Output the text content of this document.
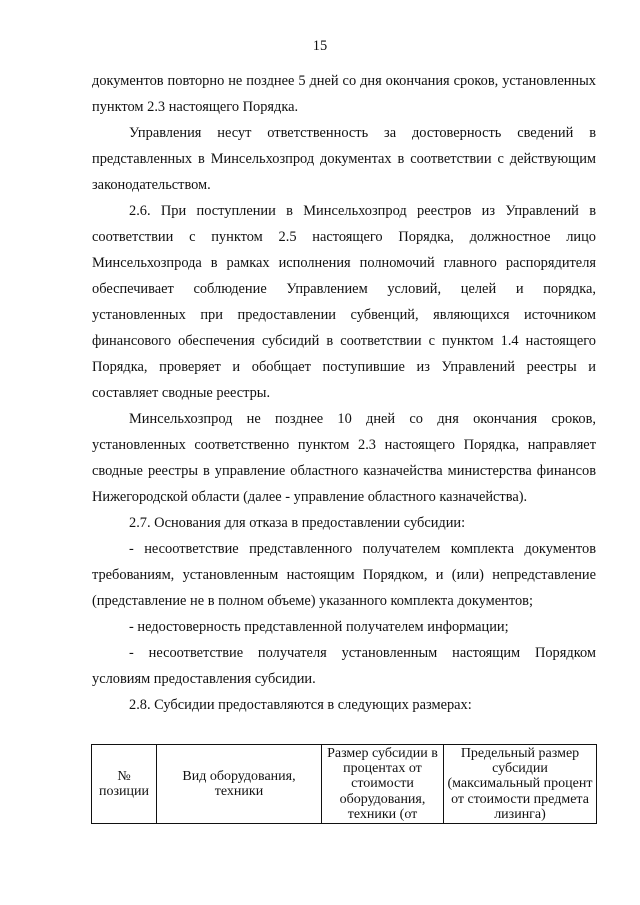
15

документов повторно не позднее 5 дней со дня окончания сроков, установленных пунктом 2.3 настоящего Порядка.

Управления несут ответственность за достоверность сведений в представленных в Минсельхозпрод документах в соответствии с действующим законодательством.

2.6. При поступлении в Минсельхозпрод реестров из Управлений в соответствии с пунктом 2.5 настоящего Порядка, должностное лицо Минсельхозпрода в рамках исполнения полномочий главного распорядителя обеспечивает соблюдение Управлением условий, целей и порядка, установленных при предоставлении субвенций, являющихся источником финансового обеспечения субсидий в соответствии с пунктом 1.4 настоящего Порядка, проверяет и обобщает поступившие из Управлений реестры и составляет сводные реестры.

Минсельхозпрод не позднее 10 дней со дня окончания сроков, установленных соответственно пунктом 2.3 настоящего Порядка, направляет сводные реестры в управление областного казначейства министерства финансов Нижегородской области (далее - управление областного казначейства).

2.7. Основания для отказа в предоставлении субсидии:

- несоответствие представленного получателем комплекта документов требованиям, установленным настоящим Порядком, и (или) непредставление (представление не в полном объеме) указанного комплекта документов;

- недостоверность представленной получателем информации;

- несоответствие получателя установленным настоящим Порядком условиям предоставления субсидии.

2.8. Субсидии предоставляются в следующих размерах:

№ позиции	Вид оборудования, техники	Размер субсидии в процентах от стоимости оборудования, техники (от	Предельный размер субсидии (максимальный процент от стоимости предмета лизинга)
